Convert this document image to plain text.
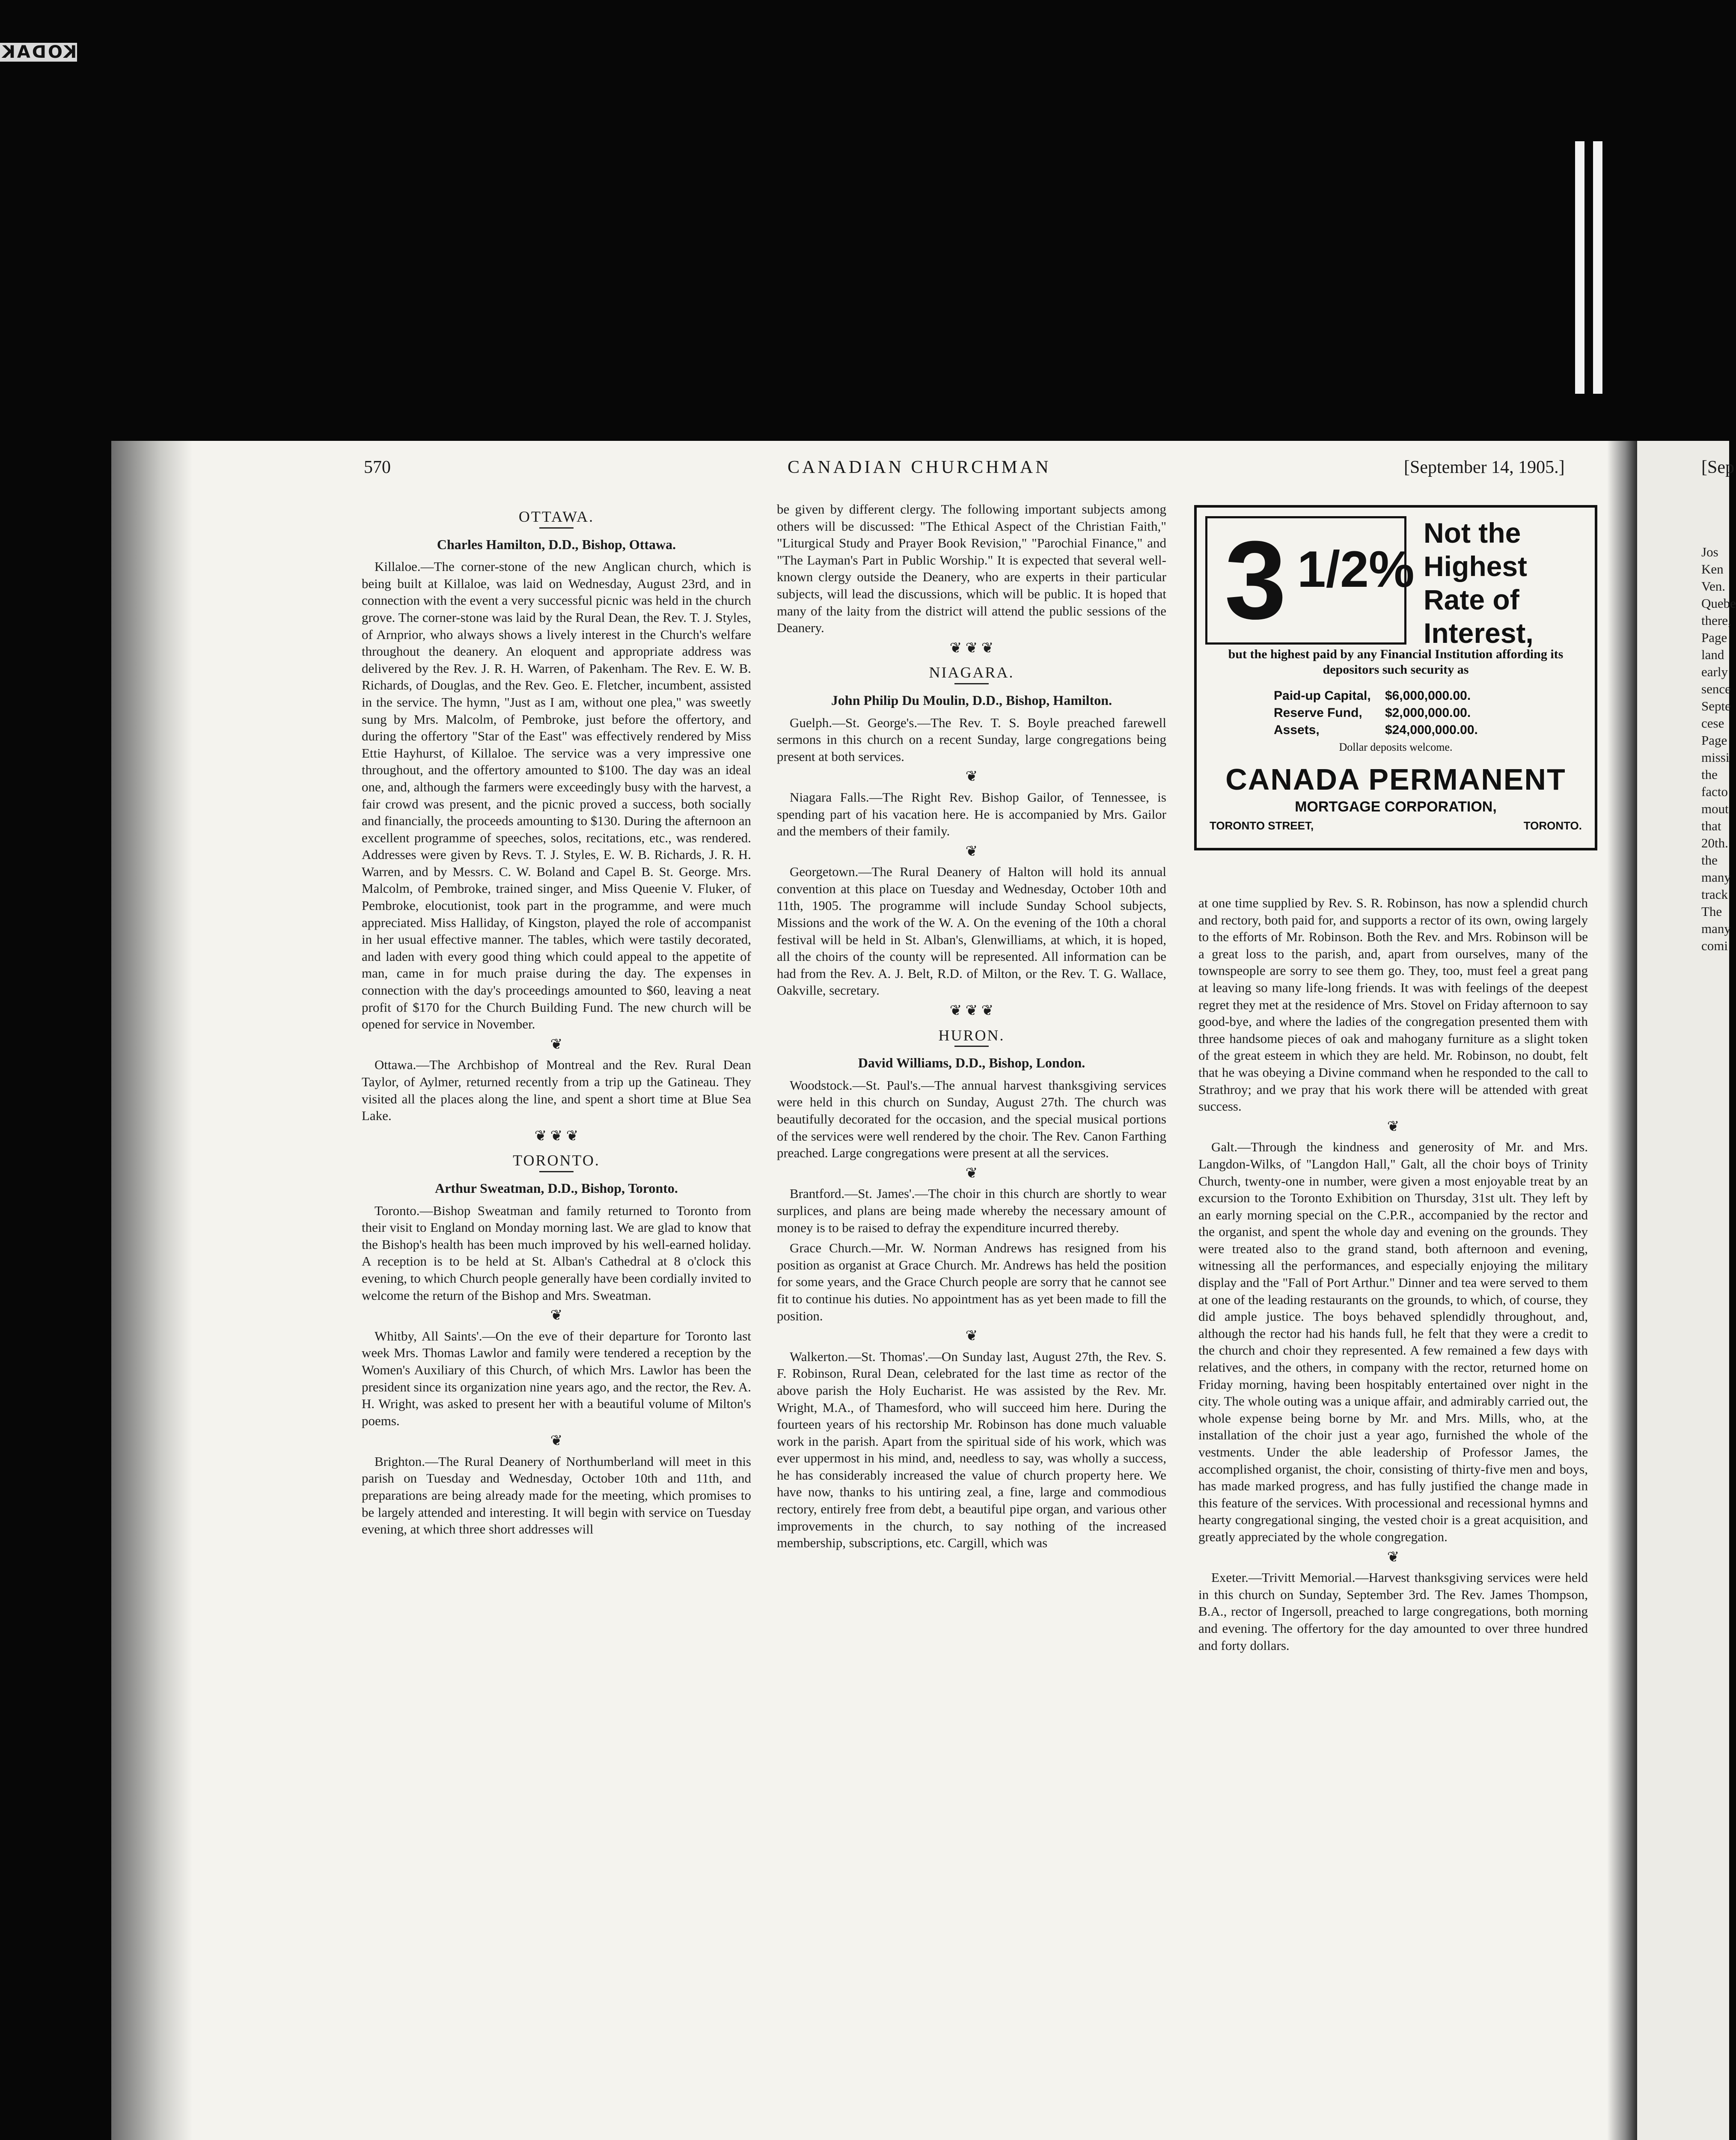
KODAK
[Sep
Jos
Ken
Ven.
Quebe
there,
Page
land
early
sence
Septe
cese
Page
missi
the
facto
mout
that
20th.
the
many
track
The
many
comi
570	CANADIAN CHURCHMAN	[September 14, 1905.]
OTTAWA.
Charles Hamilton, D.D., Bishop, Ottawa.

Killaloe.—The corner-stone of the new Anglican church, which is being built at Killaloe, was laid on Wednesday, August 23rd, and in connection with the event a very successful picnic was held in the church grove. The corner-stone was laid by the Rural Dean, the Rev. T. J. Styles, of Arnprior, who always shows a lively interest in the Church's welfare throughout the deanery. An eloquent and appropriate address was delivered by the Rev. J. R. H. Warren, of Pakenham. The Rev. E. W. B. Richards, of Douglas, and the Rev. Geo. E. Fletcher, incumbent, assisted in the service. The hymn, "Just as I am, without one plea," was sweetly sung by Mrs. Malcolm, of Pembroke, just before the offertory, and during the offertory "Star of the East" was effectively rendered by Miss Ettie Hayhurst, of Killaloe. The service was a very impressive one throughout, and the offertory amounted to $100. The day was an ideal one, and, although the farmers were exceedingly busy with the harvest, a fair crowd was present, and the picnic proved a success, both socially and financially, the proceeds amounting to $130. During the afternoon an excellent programme of speeches, solos, recitations, etc., was rendered. Addresses were given by Revs. T. J. Styles, E. W. B. Richards, J. R. H. Warren, and by Messrs. C. W. Boland and Capel B. St. George. Mrs. Malcolm, of Pembroke, trained singer, and Miss Queenie V. Fluker, of Pembroke, elocutionist, took part in the programme, and were much appreciated. Miss Halliday, of Kingston, played the role of accompanist in her usual effective manner. The tables, which were tastily decorated, and laden with every good thing which could appeal to the appetite of man, came in for much praise during the day. The expenses in connection with the day's proceedings amounted to $60, leaving a neat profit of $170 for the Church Building Fund. The new church will be opened for service in November.

❦

Ottawa.—The Archbishop of Montreal and the Rev. Rural Dean Taylor, of Aylmer, returned recently from a trip up the Gatineau. They visited all the places along the line, and spent a short time at Blue Sea Lake.

❦ ❦ ❦
TORONTO.
Arthur Sweatman, D.D., Bishop, Toronto.

Toronto.—Bishop Sweatman and family returned to Toronto from their visit to England on Monday morning last. We are glad to know that the Bishop's health has been much improved by his well-earned holiday. A reception is to be held at St. Alban's Cathedral at 8 o'clock this evening, to which Church people generally have been cordially invited to welcome the return of the Bishop and Mrs. Sweatman.

❦

Whitby, All Saints'.—On the eve of their departure for Toronto last week Mrs. Thomas Lawlor and family were tendered a reception by the Women's Auxiliary of this Church, of which Mrs. Lawlor has been the president since its organization nine years ago, and the rector, the Rev. A. H. Wright, was asked to present her with a beautiful volume of Milton's poems.

❦

Brighton.—The Rural Deanery of Northumberland will meet in this parish on Tuesday and Wednesday, October 10th and 11th, and preparations are being already made for the meeting, which promises to be largely attended and interesting. It will begin with service on Tuesday evening, at which three short addresses will

be given by different clergy. The following important subjects among others will be discussed: "The Ethical Aspect of the Christian Faith," "Liturgical Study and Prayer Book Revision," "Parochial Finance," and "The Layman's Part in Public Worship." It is expected that several well-known clergy outside the Deanery, who are experts in their particular subjects, will lead the discussions, which will be public. It is hoped that many of the laity from the district will attend the public sessions of the Deanery.

❦ ❦ ❦
NIAGARA.
John Philip Du Moulin, D.D., Bishop, Hamilton.

Guelph.—St. George's.—The Rev. T. S. Boyle preached farewell sermons in this church on a recent Sunday, large congregations being present at both services.

❦

Niagara Falls.—The Right Rev. Bishop Gailor, of Tennessee, is spending part of his vacation here. He is accompanied by Mrs. Gailor and the members of their family.

❦

Georgetown.—The Rural Deanery of Halton will hold its annual convention at this place on Tuesday and Wednesday, October 10th and 11th, 1905. The programme will include Sunday School subjects, Missions and the work of the W. A. On the evening of the 10th a choral festival will be held in St. Alban's, Glenwilliams, at which, it is hoped, all the choirs of the county will be represented. All information can be had from the Rev. A. J. Belt, R.D. of Milton, or the Rev. T. G. Wallace, Oakville, secretary.

❦ ❦ ❦
HURON.
David Williams, D.D., Bishop, London.

Woodstock.—St. Paul's.—The annual harvest thanksgiving services were held in this church on Sunday, August 27th. The church was beautifully decorated for the occasion, and the special musical portions of the services were well rendered by the choir. The Rev. Canon Farthing preached. Large congregations were present at all the services.

❦

Brantford.—St. James'.—The choir in this church are shortly to wear surplices, and plans are being made whereby the necessary amount of money is to be raised to defray the expenditure incurred thereby.

Grace Church.—Mr. W. Norman Andrews has resigned from his position as organist at Grace Church. Mr. Andrews has held the position for some years, and the Grace Church people are sorry that he cannot see fit to continue his duties. No appointment has as yet been made to fill the position.

❦

Walkerton.—St. Thomas'.—On Sunday last, August 27th, the Rev. S. F. Robinson, Rural Dean, celebrated for the last time as rector of the above parish the Holy Eucharist. He was assisted by the Rev. Mr. Wright, M.A., of Thamesford, who will succeed him here. During the fourteen years of his rectorship Mr. Robinson has done much valuable work in the parish. Apart from the spiritual side of his work, which was ever uppermost in his mind, and, needless to say, was wholly a success, he has considerably increased the value of church property here. We have now, thanks to his untiring zeal, a fine, large and commodious rectory, entirely free from debt, a beautiful pipe organ, and various other improvements in the church, to say nothing of the increased membership, subscriptions, etc. Cargill, which was

3 1/2%
Not the Highest Rate of Interest,
but the highest paid by any Financial Institution affording its depositors such security as
Paid-up Capital, $6,000,000.00.
Reserve Fund, $2,000,000.00.
Assets,	$24,000,000.00.
Dollar deposits welcome.
CANADA PERMANENT
MORTGAGE CORPORATION,
TORONTO STREET,	TORONTO.

at one time supplied by Rev. S. R. Robinson, has now a splendid church and rectory, both paid for, and supports a rector of its own, owing largely to the efforts of Mr. Robinson. Both the Rev. and Mrs. Robinson will be a great loss to the parish, and, apart from ourselves, many of the townspeople are sorry to see them go. They, too, must feel a great pang at leaving so many life-long friends. It was with feelings of the deepest regret they met at the residence of Mrs. Stovel on Friday afternoon to say good-bye, and where the ladies of the congregation presented them with three handsome pieces of oak and mahogany furniture as a slight token of the great esteem in which they are held. Mr. Robinson, no doubt, felt that he was obeying a Divine command when he responded to the call to Strathroy; and we pray that his work there will be attended with great success.

❦

Galt.—Through the kindness and generosity of Mr. and Mrs. Langdon-Wilks, of "Langdon Hall," Galt, all the choir boys of Trinity Church, twenty-one in number, were given a most enjoyable treat by an excursion to the Toronto Exhibition on Thursday, 31st ult. They left by an early morning special on the C.P.R., accompanied by the rector and the organist, and spent the whole day and evening on the grounds. They were treated also to the grand stand, both afternoon and evening, witnessing all the performances, and especially enjoying the military display and the "Fall of Port Arthur." Dinner and tea were served to them at one of the leading restaurants on the grounds, to which, of course, they did ample justice. The boys behaved splendidly throughout, and, although the rector had his hands full, he felt that they were a credit to the church and choir they represented. A few remained a few days with relatives, and the others, in company with the rector, returned home on Friday morning, having been hospitably entertained over night in the city. The whole outing was a unique affair, and admirably carried out, the whole expense being borne by Mr. and Mrs. Mills, who, at the installation of the choir just a year ago, furnished the whole of the vestments. Under the able leadership of Professor James, the accomplished organist, the choir, consisting of thirty-five men and boys, has made marked progress, and has fully justified the change made in this feature of the services. With processional and recessional hymns and hearty congregational singing, the vested choir is a great acquisition, and greatly appreciated by the whole congregation.

❦

Exeter.—Trivitt Memorial.—Harvest thanksgiving services were held in this church on Sunday, September 3rd. The Rev. James Thompson, B.A., rector of Ingersoll, preached to large congregations, both morning and evening. The offertory for the day amounted to over three hundred and forty dollars.
